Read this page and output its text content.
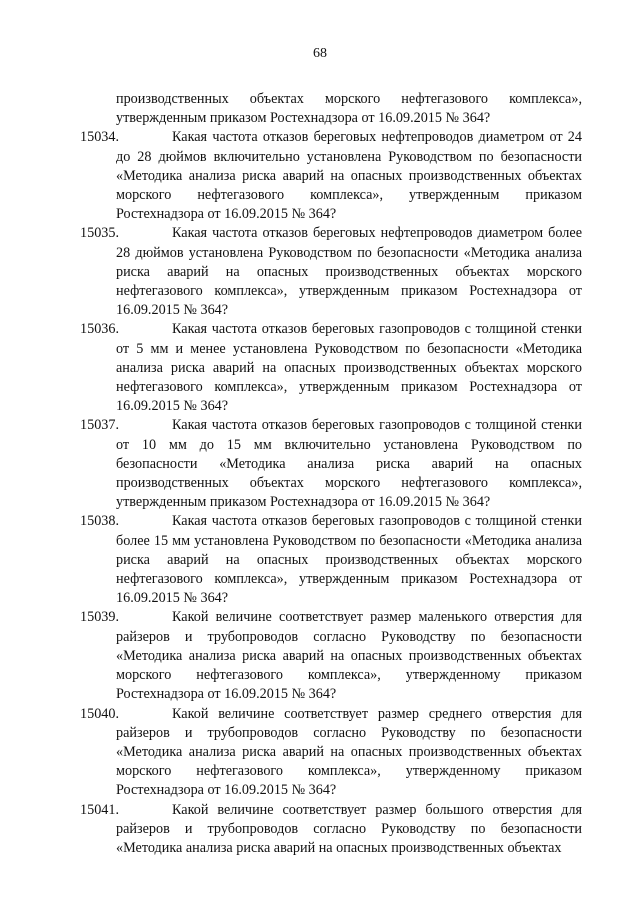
68

производственных объектах морского нефтегазового комплекса», утвержденным приказом Ростехнадзора от 16.09.2015 № 364?

15034.	Какая частота отказов береговых нефтепроводов диаметром от 24 до 28 дюймов включительно установлена Руководством по безопасности «Методика анализа риска аварий на опасных производственных объектах морского нефтегазового комплекса», утвержденным приказом Ростехнадзора от 16.09.2015 № 364?

15035.	Какая частота отказов береговых нефтепроводов диаметром более 28 дюймов установлена Руководством по безопасности «Методика анализа риска аварий на опасных производственных объектах морского нефтегазового комплекса», утвержденным приказом Ростехнадзора от 16.09.2015 № 364?

15036.	Какая частота отказов береговых газопроводов с толщиной стенки от 5 мм и менее установлена Руководством по безопасности «Методика анализа риска аварий на опасных производственных объектах морского нефтегазового комплекса», утвержденным приказом Ростехнадзора от 16.09.2015 № 364?

15037.	Какая частота отказов береговых газопроводов с толщиной стенки от 10 мм до 15 мм включительно установлена Руководством по безопасности «Методика анализа риска аварий на опасных производственных объектах морского нефтегазового комплекса», утвержденным приказом Ростехнадзора от 16.09.2015 № 364?

15038.	Какая частота отказов береговых газопроводов с толщиной стенки более 15 мм установлена Руководством по безопасности «Методика анализа риска аварий на опасных производственных объектах морского нефтегазового комплекса», утвержденным приказом Ростехнадзора от 16.09.2015 № 364?

15039.	Какой величине соответствует размер маленького отверстия для райзеров и трубопроводов согласно Руководству по безопасности «Методика анализа риска аварий на опасных производственных объектах морского нефтегазового комплекса», утвержденному приказом Ростехнадзора от 16.09.2015 № 364?

15040.	Какой величине соответствует размер среднего отверстия для райзеров и трубопроводов согласно Руководству по безопасности «Методика анализа риска аварий на опасных производственных объектах морского нефтегазового комплекса», утвержденному приказом Ростехнадзора от 16.09.2015 № 364?

15041.	Какой величине соответствует размер большого отверстия для райзеров и трубопроводов согласно Руководству по безопасности «Методика анализа риска аварий на опасных производственных объектах
